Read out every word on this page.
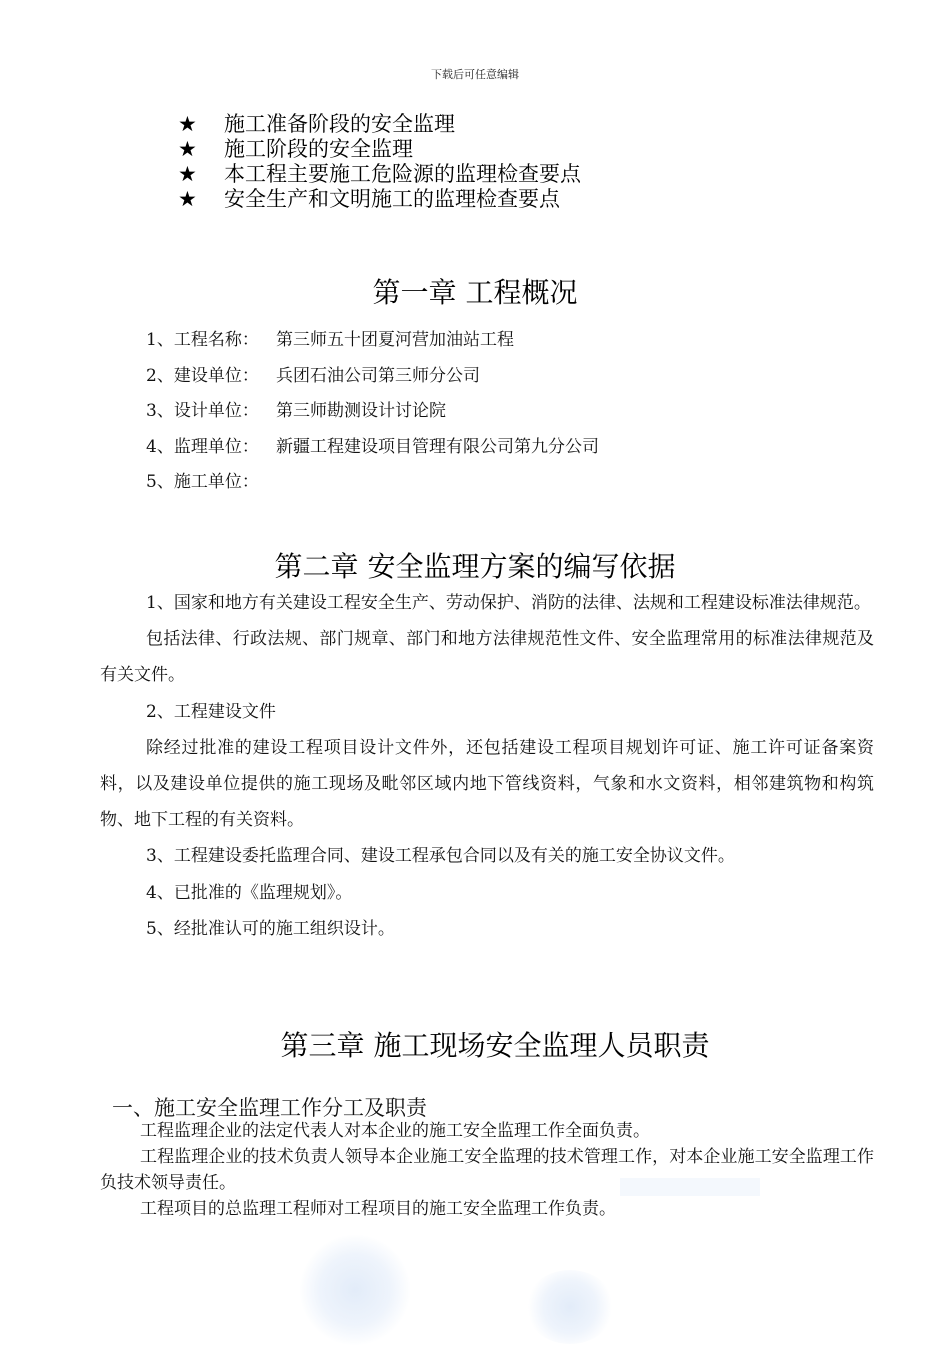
下载后可任意编辑
★ 施工准备阶段的安全监理
★ 施工阶段的安全监理
★ 本工程主要施工危险源的监理检查要点
★ 安全生产和文明施工的监理检查要点
第一章 工程概况
1、工程名称： 第三师五十团夏河营加油站工程
2、建设单位： 兵团石油公司第三师分公司
3、设计单位： 第三师勘测设计讨论院
4、监理单位： 新疆工程建设项目管理有限公司第九分公司
5、施工单位：
第二章 安全监理方案的编写依据

1、国家和地方有关建设工程安全生产、劳动保护、消防的法律、法规和工程建设标准法律规范。

包括法律、行政法规、部门规章、部门和地方法律规范性文件、安全监理常用的标准法律规范及有关文件。

2、工程建设文件

除经过批准的建设工程项目设计文件外，还包括建设工程项目规划许可证、施工许可证备案资料，以及建设单位提供的施工现场及毗邻区域内地下管线资料，气象和水文资料，相邻建筑物和构筑物、地下工程的有关资料。

3、工程建设委托监理合同、建设工程承包合同以及有关的施工安全协议文件。

4、已批准的《监理规划》。

5、经批准认可的施工组织设计。

第三章 施工现场安全监理人员职责
一、施工安全监理工作分工及职责

工程监理企业的法定代表人对本企业的施工安全监理工作全面负责。

工程监理企业的技术负责人领导本企业施工安全监理的技术管理工作，对本企业施工安全监理工作负技术领导责任。

工程项目的总监理工程师对工程项目的施工安全监理工作负责。
